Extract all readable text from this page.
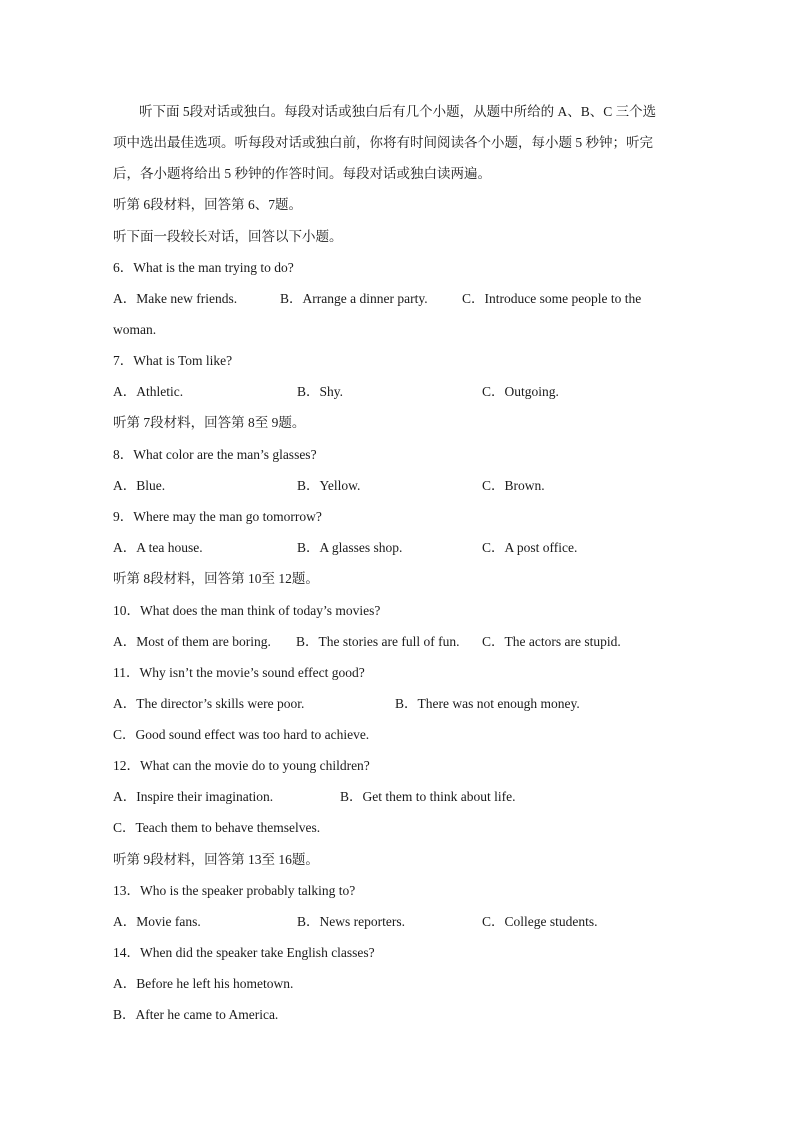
听下面 5段对话或独白。每段对话或独白后有几个小题，从题中所给的 A、B、C 三个选
项中选出最佳选项。听每段对话或独白前，你将有时间阅读各个小题，每小题 5 秒钟；听完
后，各小题将给出 5 秒钟的作答时间。每段对话或独白读两遍。
听第 6段材料，回答第 6、7题。
听下面一段较长对话，回答以下小题。
6．What is the man trying to do?
A．Make new friends.	B．Arrange a dinner party.	C．Introduce some people to the
woman.
7．What is Tom like?
A．Athletic.	B．Shy.	C．Outgoing.
听第 7段材料，回答第 8至 9题。
8．What color are the man’s glasses?
A．Blue.	B．Yellow.	C．Brown.
9．Where may the man go tomorrow?
A．A tea house.	B．A glasses shop.	C．A post office.
听第 8段材料，回答第 10至 12题。
10．What does the man think of today’s movies?
A．Most of them are boring. B．The stories are full of fun. C．The actors are stupid.
11．Why isn’t the movie’s sound effect good?
A．The director’s skills were poor.	B．There was not enough money.
C．Good sound effect was too hard to achieve.
12．What can the movie do to young children?
A．Inspire their imagination.	B．Get them to think about life.
C．Teach them to behave themselves.
听第 9段材料，回答第 13至 16题。
13．Who is the speaker probably talking to?
A．Movie fans.	B．News reporters.	C．College students.
14．When did the speaker take English classes?
A．Before he left his hometown.
B．After he came to America.
